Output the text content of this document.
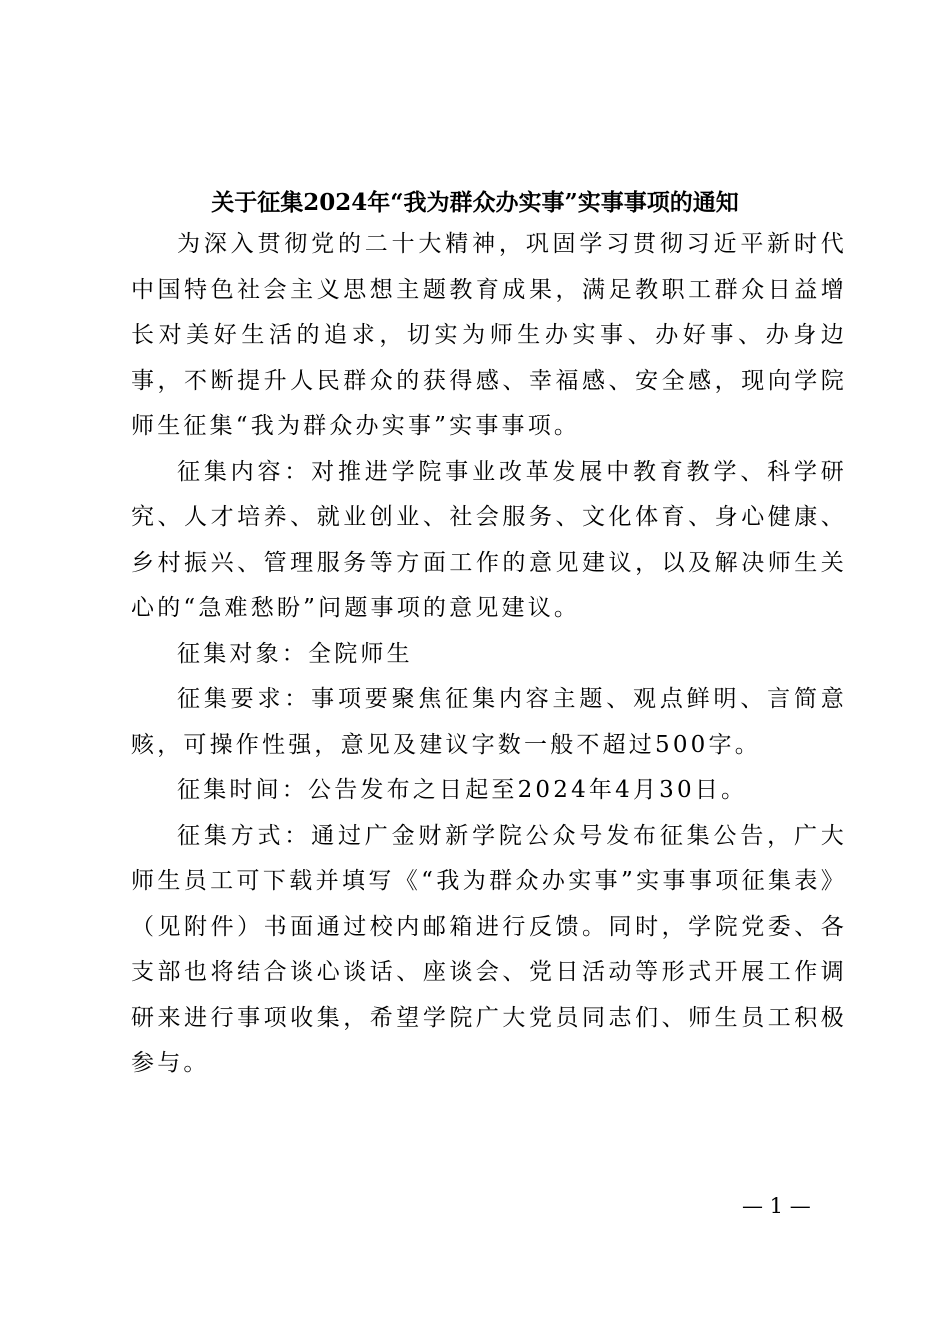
关于征集2024年“我为群众办实事”实事事项的通知

为深入贯彻党的二十大精神，巩固学习贯彻习近平新时代中国特色社会主义思想主题教育成果，满足教职工群众日益增长对美好生活的追求，切实为师生办实事、办好事、办身边事，不断提升人民群众的获得感、幸福感、安全感，现向学院师生征集“我为群众办实事”实事事项。

征集内容：对推进学院事业改革发展中教育教学、科学研究、人才培养、就业创业、社会服务、文化体育、身心健康、乡村振兴、管理服务等方面工作的意见建议，以及解决师生关心的“急难愁盼”问题事项的意见建议。

征集对象：全院师生

征集要求：事项要聚焦征集内容主题、观点鲜明、言简意赅，可操作性强，意见及建议字数一般不超过500字。

征集时间：公告发布之日起至2024年4月30日。

征集方式：通过广金财新学院公众号发布征集公告，广大师生员工可下载并填写《“我为群众办实事”实事事项征集表》（见附件）书面通过校内邮箱进行反馈。同时，学院党委、各支部也将结合谈心谈话、座谈会、党日活动等形式开展工作调研来进行事项收集，希望学院广大党员同志们、师生员工积极参与。

— 1 —
